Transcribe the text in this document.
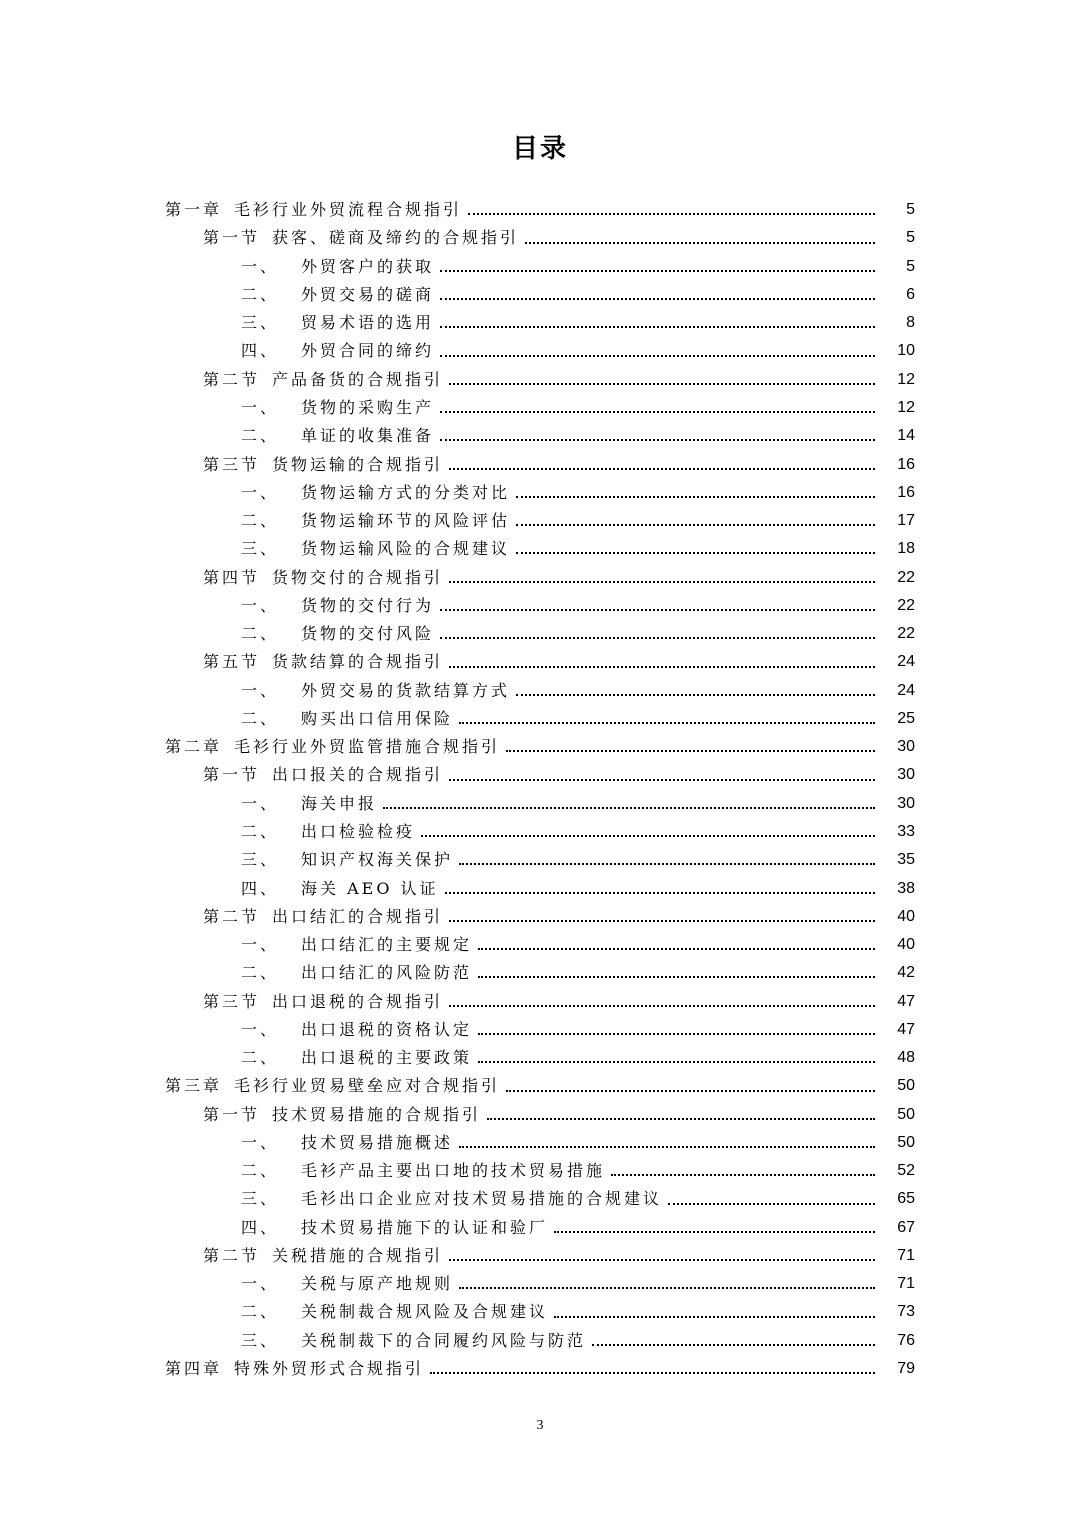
目录
第一章 毛衫行业外贸流程合规指引	5
第一节 获客、磋商及缔约的合规指引	5
一、 外贸客户的获取	5
二、 外贸交易的磋商	6
三、 贸易术语的选用	8
四、 外贸合同的缔约	10
第二节 产品备货的合规指引	12
一、 货物的采购生产	12
二、 单证的收集准备	14
第三节 货物运输的合规指引	16
一、 货物运输方式的分类对比	16
二、 货物运输环节的风险评估	17
三、 货物运输风险的合规建议	18
第四节 货物交付的合规指引	22
一、 货物的交付行为	22
二、 货物的交付风险	22
第五节 货款结算的合规指引	24
一、 外贸交易的货款结算方式	24
二、 购买出口信用保险	25
第二章 毛衫行业外贸监管措施合规指引	30
第一节 出口报关的合规指引	30
一、 海关申报	30
二、 出口检验检疫	33
三、 知识产权海关保护	35
四、 海关 AEO 认证	38
第二节 出口结汇的合规指引	40
一、 出口结汇的主要规定	40
二、 出口结汇的风险防范	42
第三节 出口退税的合规指引	47
一、 出口退税的资格认定	47
二、 出口退税的主要政策	48
第三章 毛衫行业贸易壁垒应对合规指引	50
第一节 技术贸易措施的合规指引	50
一、 技术贸易措施概述	50
二、 毛衫产品主要出口地的技术贸易措施	52
三、 毛衫出口企业应对技术贸易措施的合规建议	65
四、 技术贸易措施下的认证和验厂	67
第二节 关税措施的合规指引	71
一、 关税与原产地规则	71
二、 关税制裁合规风险及合规建议	73
三、 关税制裁下的合同履约风险与防范	76
第四章 特殊外贸形式合规指引	79
3
